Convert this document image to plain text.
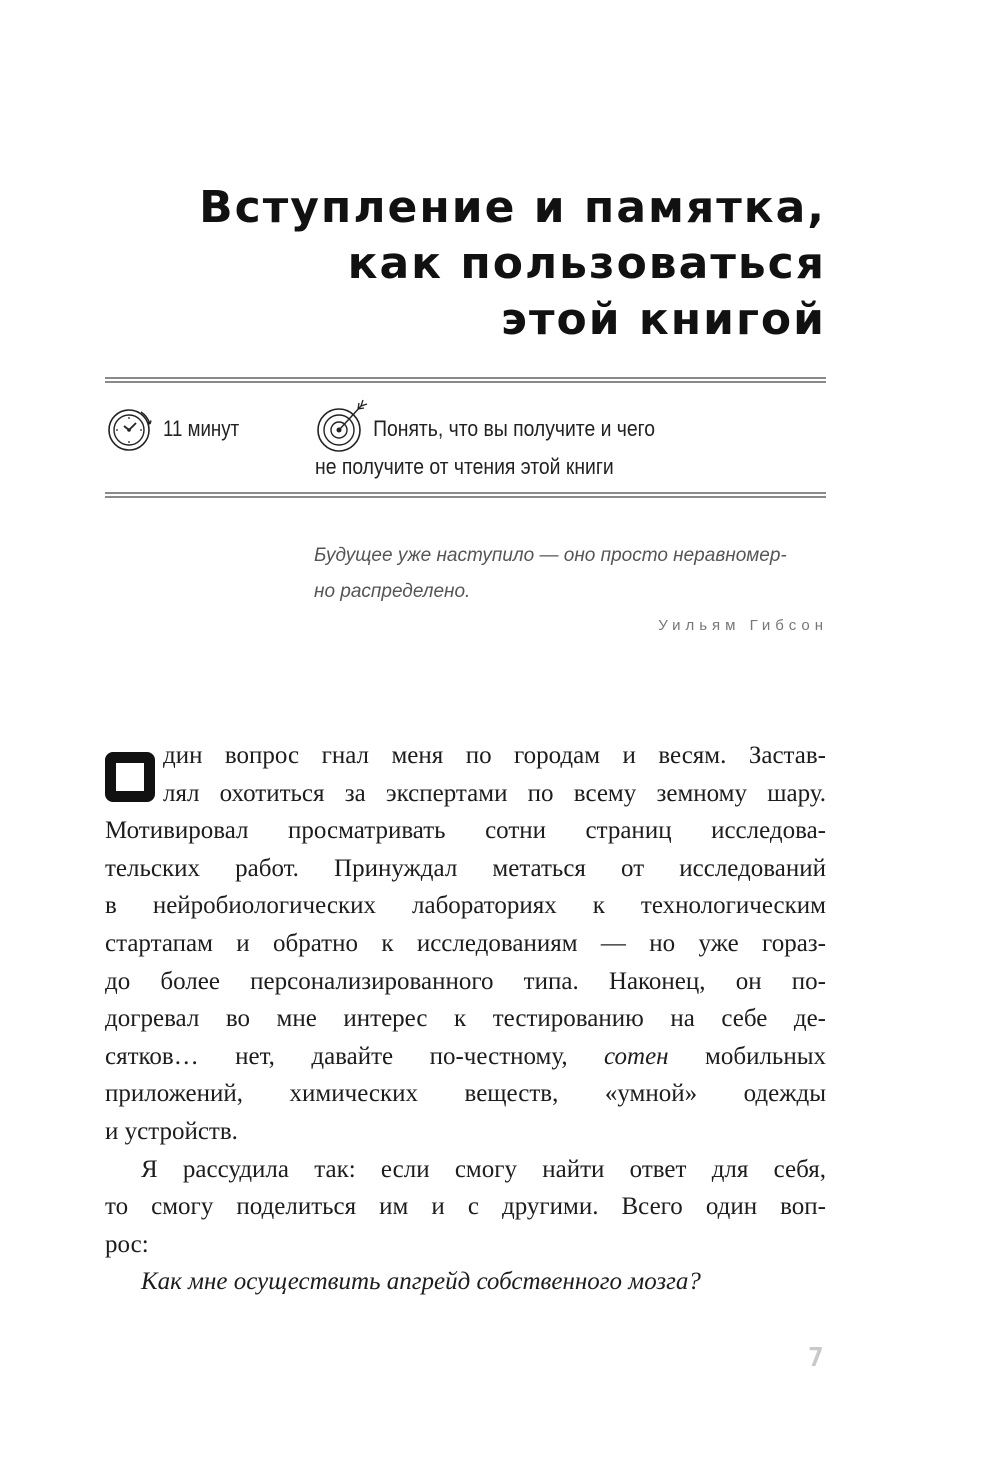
Вступление и памятка,
как пользоваться
этой книгой
11 минут	Понять, что вы получите и чего
не получите от чтения этой книги
Будущее уже наступило — оно просто неравномер-
но распределено.
Уильям Гибсон
дин вопрос гнал меня по городам и весям. Застав-
лял охотиться за экспертами по всему земному шару.
Мотивировал просматривать сотни страниц исследова-
тельских работ. Принуждал метаться от исследований
в нейробиологических лабораториях к технологическим
стартапам и обратно к исследованиям — но уже гораз-
до более персонализированного типа. Наконец, он по-
догревал во мне интерес к тестированию на себе де-
сятков… нет, давайте по-честному, сотен мобильных
приложений, химических веществ, «умной» одежды
и устройств.
Я рассудила так: если смогу найти ответ для себя,
то смогу поделиться им и с другими. Всего один воп-
рос:
Как мне осуществить апгрейд собственного мозга?
7
